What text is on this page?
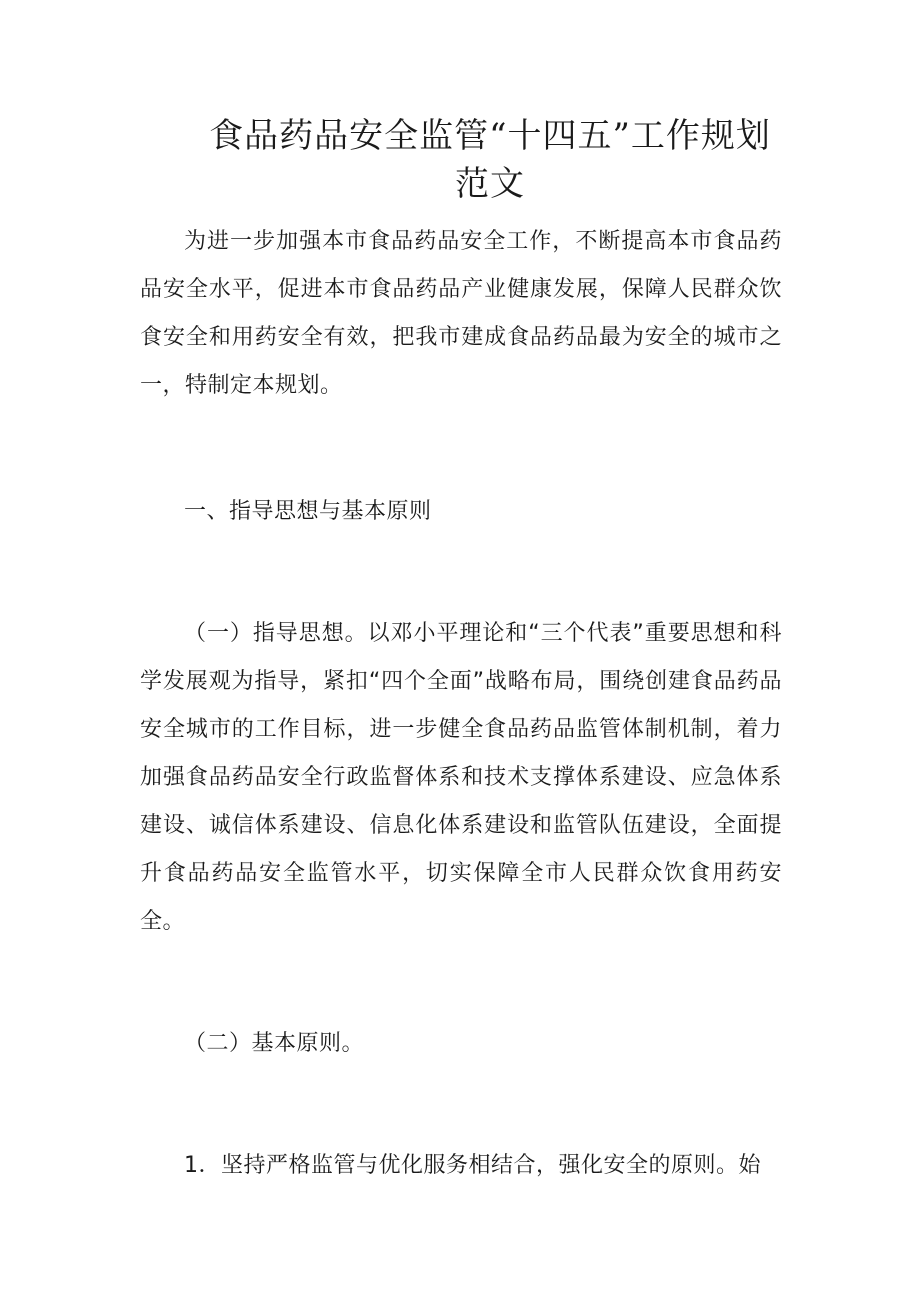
食品药品安全监管“十四五”工作规划
范文

为进一步加强本市食品药品安全工作，不断提高本市食品药品安全水平，促进本市食品药品产业健康发展，保障人民群众饮食安全和用药安全有效，把我市建成食品药品最为安全的城市之一，特制定本规划。

一、指导思想与基本原则

（一）指导思想。以邓小平理论和“三个代表”重要思想和科学发展观为指导，紧扣“四个全面”战略布局，围绕创建食品药品安全城市的工作目标，进一步健全食品药品监管体制机制，着力加强食品药品安全行政监督体系和技术支撑体系建设、应急体系建设、诚信体系建设、信息化体系建设和监管队伍建设，全面提升食品药品安全监管水平，切实保障全市人民群众饮食用药安全。

（二）基本原则。

1．坚持严格监管与优化服务相结合，强化安全的原则。始
